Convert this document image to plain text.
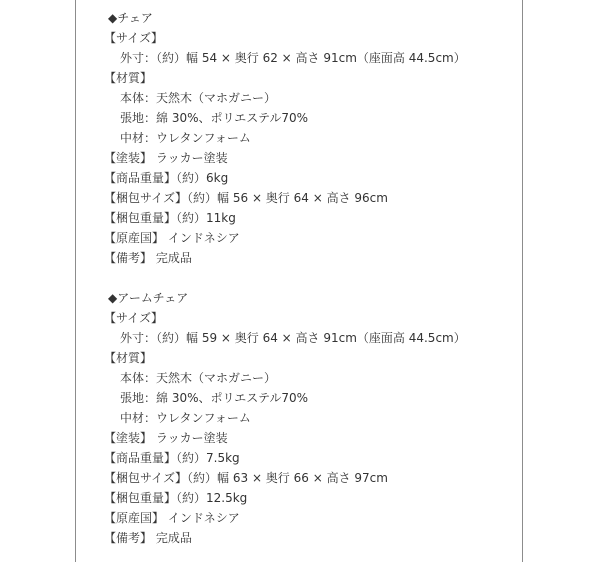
◆チェア
【サイズ】
外寸：（約）幅 54 × 奥行 62 × 高さ 91cm（座面高 44.5cm）
【材質】
本体：天然木（マホガニー）
張地：綿 30%、ポリエステル70%
中材：ウレタンフォーム
【塗装】 ラッカー塗装
【商品重量】（約）6kg
【梱包サイズ】（約）幅 56 × 奥行 64 × 高さ 96cm
【梱包重量】（約）11kg
【原産国】 インドネシア
【備考】 完成品
◆アームチェア
【サイズ】
外寸：（約）幅 59 × 奥行 64 × 高さ 91cm（座面高 44.5cm）
【材質】
本体：天然木（マホガニー）
張地：綿 30%、ポリエステル70%
中材：ウレタンフォーム
【塗装】 ラッカー塗装
【商品重量】（約）7.5kg
【梱包サイズ】（約）幅 63 × 奥行 66 × 高さ 97cm
【梱包重量】（約）12.5kg
【原産国】 インドネシア
【備考】 完成品
